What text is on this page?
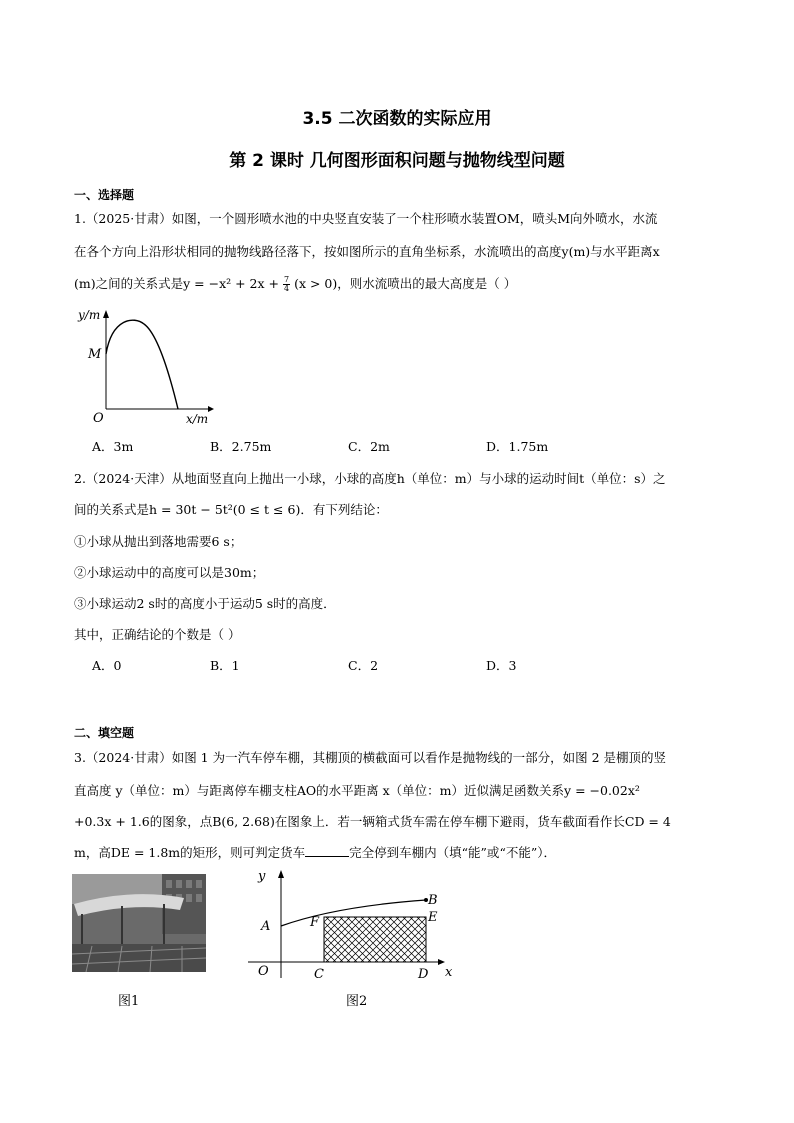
3.5 二次函数的实际应用
第 2 课时 几何图形面积问题与抛物线型问题
一、选择题
1.（2025·甘肃）如图，一个圆形喷水池的中央竖直安装了一个柱形喷水装置OM，喷头M向外喷水，水流
在各个方向上沿形状相同的抛物线路径落下，按如图所示的直角坐标系，水流喷出的高度y(m)与水平距离x
(m)之间的关系式是$y = -x^2 + 2x + \frac{7}{4} (x > 0)$，则水流喷出的最大高度是（ ）
y/m
M
O	x/m
A．3m	B．2.75m	C．2m	D．1.75m
2.（2024·天津）从地面竖直向上抛出一小球，小球的高度h（单位：m）与小球的运动时间t（单位：s）之
间的关系式是h = 30t − 5t²(0 ≤ t ≤ 6)．有下列结论：
①小球从抛出到落地需要6 s；
②小球运动中的高度可以是30m；
③小球运动2 s时的高度小于运动5 s时的高度．
其中，正确结论的个数是（ ）
A．0	B．1	C．2	D．3
二、填空题
3.（2024·甘肃）如图 1 为一汽车停车棚，其棚顶的横截面可以看作是抛物线的一部分，如图 2 是棚顶的竖
直高度 y（单位：m）与距离停车棚支柱AO的水平距离 x（单位：m）近似满足函数关系y = −0.02x²
+0.3x + 1.6的图象，点B(6, 2.68)在图象上．若一辆箱式货车需在停车棚下避雨，货车截面看作长CD = 4
m，高DE = 1.8m的矩形，则可判定货车	完全停到车棚内（填“能”或“不能”）．
图1
y
x
O
A
B
F	E
C	D
图2
